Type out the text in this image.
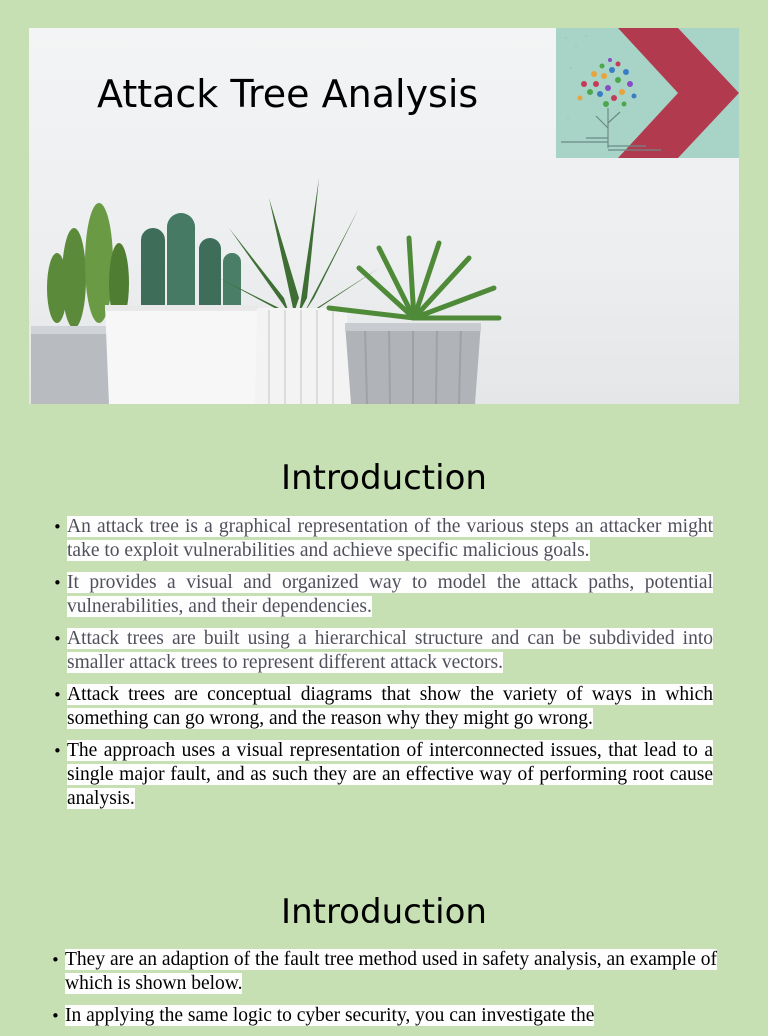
Attack Tree Analysis
Introduction
• An attack tree is a graphical representation of the various steps an attacker might take to exploit vulnerabilities and achieve specific malicious goals.
• It provides a visual and organized way to model the attack paths, potential vulnerabilities, and their dependencies.
• Attack trees are built using a hierarchical structure and can be subdivided into smaller attack trees to represent different attack vectors.
• Attack trees are conceptual diagrams that show the variety of ways in which something can go wrong, and the reason why they might go wrong.
• The approach uses a visual representation of interconnected issues, that lead to a single major fault, and as such they are an effective way of performing root cause analysis.
Introduction
• They are an adaption of the fault tree method used in safety analysis, an example of which is shown below.
• In applying the same logic to cyber security, you can investigate the
